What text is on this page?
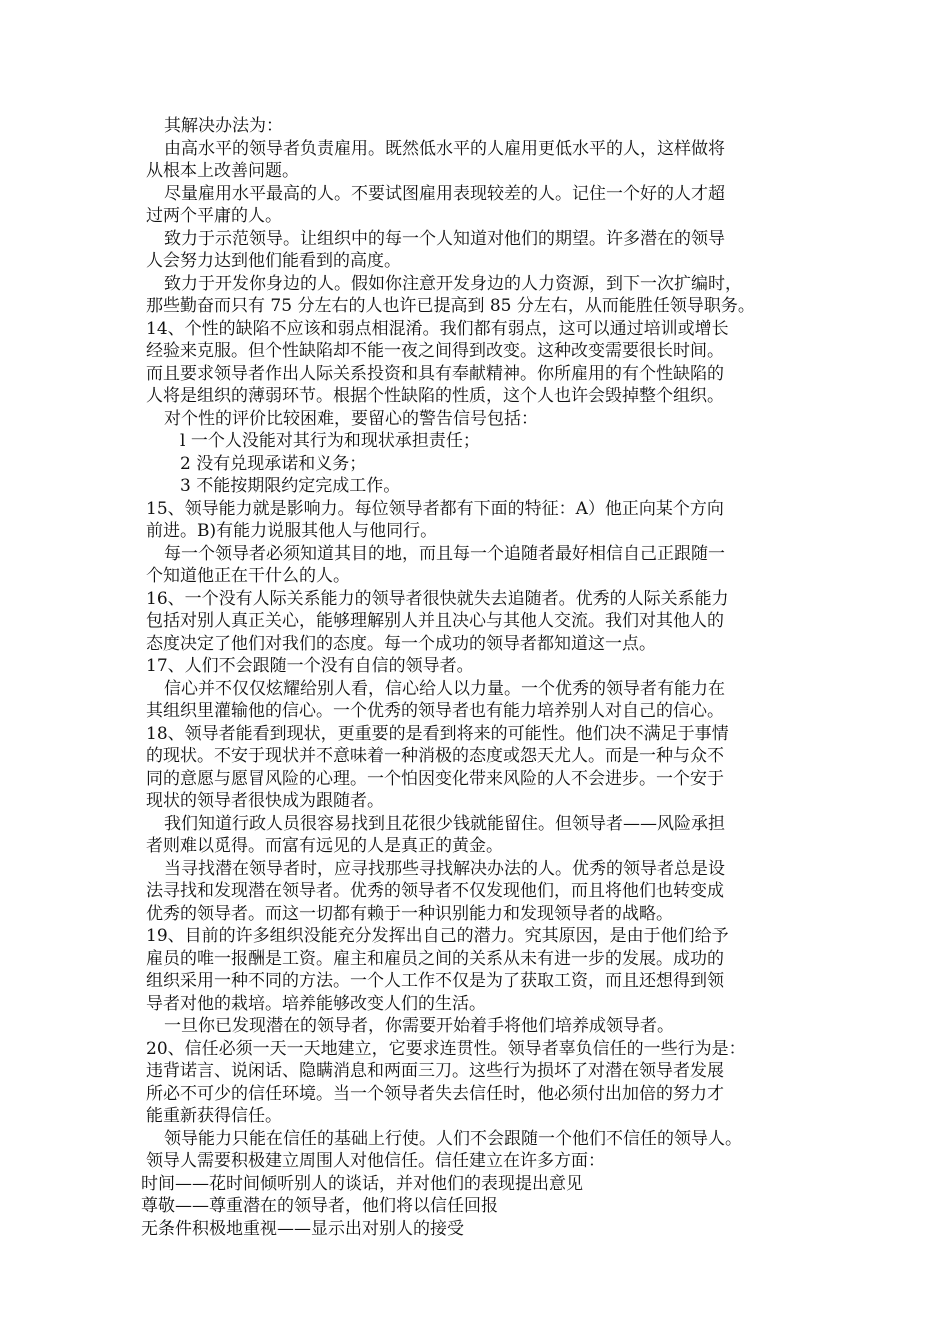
其解决办法为：
由高水平的领导者负责雇用。既然低水平的人雇用更低水平的人，这样做将
从根本上改善问题。
尽量雇用水平最高的人。不要试图雇用表现较差的人。记住一个好的人才超
过两个平庸的人。
致力于示范领导。让组织中的每一个人知道对他们的期望。许多潜在的领导
人会努力达到他们能看到的高度。
致力于开发你身边的人。假如你注意开发身边的人力资源，到下一次扩编时，
那些勤奋而只有 75 分左右的人也许已提高到 85 分左右，从而能胜任领导职务。
14、个性的缺陷不应该和弱点相混淆。我们都有弱点，这可以通过培训或增长
经验来克服。但个性缺陷却不能一夜之间得到改变。这种改变需要很长时间。
而且要求领导者作出人际关系投资和具有奉献精神。你所雇用的有个性缺陷的
人将是组织的薄弱环节。根据个性缺陷的性质，这个人也许会毁掉整个组织。
对个性的评价比较困难，要留心的警告信号包括：
l 一个人没能对其行为和现状承担责任；
2 没有兑现承诺和义务；
3 不能按期限约定完成工作。
15、领导能力就是影响力。每位领导者都有下面的特征：A）他正向某个方向
前进。B)有能力说服其他人与他同行。
每一个领导者必须知道其目的地，而且每一个追随者最好相信自己正跟随一
个知道他正在干什么的人。
16、一个没有人际关系能力的领导者很快就失去追随者。优秀的人际关系能力
包括对别人真正关心，能够理解别人并且决心与其他人交流。我们对其他人的
态度决定了他们对我们的态度。每一个成功的领导者都知道这一点。
17、人们不会跟随一个没有自信的领导者。
信心并不仅仅炫耀给别人看，信心给人以力量。一个优秀的领导者有能力在
其组织里灌输他的信心。一个优秀的领导者也有能力培养别人对自己的信心。
18、领导者能看到现状，更重要的是看到将来的可能性。他们决不满足于事情
的现状。不安于现状并不意味着一种消极的态度或怨天尤人。而是一种与众不
同的意愿与愿冒风险的心理。一个怕因变化带来风险的人不会进步。一个安于
现状的领导者很快成为跟随者。
我们知道行政人员很容易找到且花很少钱就能留住。但领导者——风险承担
者则难以觅得。而富有远见的人是真正的黄金。
当寻找潜在领导者时，应寻找那些寻找解决办法的人。优秀的领导者总是设
法寻找和发现潜在领导者。优秀的领导者不仅发现他们，而且将他们也转变成
优秀的领导者。而这一切都有赖于一种识别能力和发现领导者的战略。
19、目前的许多组织没能充分发挥出自己的潜力。究其原因，是由于他们给予
雇员的唯一报酬是工资。雇主和雇员之间的关系从未有进一步的发展。成功的
组织采用一种不同的方法。一个人工作不仅是为了获取工资，而且还想得到领
导者对他的栽培。培养能够改变人们的生活。
一旦你已发现潜在的领导者，你需要开始着手将他们培养成领导者。
20、信任必须一天一天地建立，它要求连贯性。领导者辜负信任的一些行为是：
违背诺言、说闲话、隐瞒消息和两面三刀。这些行为损坏了对潜在领导者发展
所必不可少的信任环境。当一个领导者失去信任时，他必须付出加倍的努力才
能重新获得信任。
领导能力只能在信任的基础上行使。人们不会跟随一个他们不信任的领导人。
领导人需要积极建立周围人对他信任。信任建立在许多方面：
时间——花时间倾听别人的谈话，并对他们的表现提出意见
尊敬——尊重潜在的领导者，他们将以信任回报
无条件积极地重视——显示出对别人的接受
